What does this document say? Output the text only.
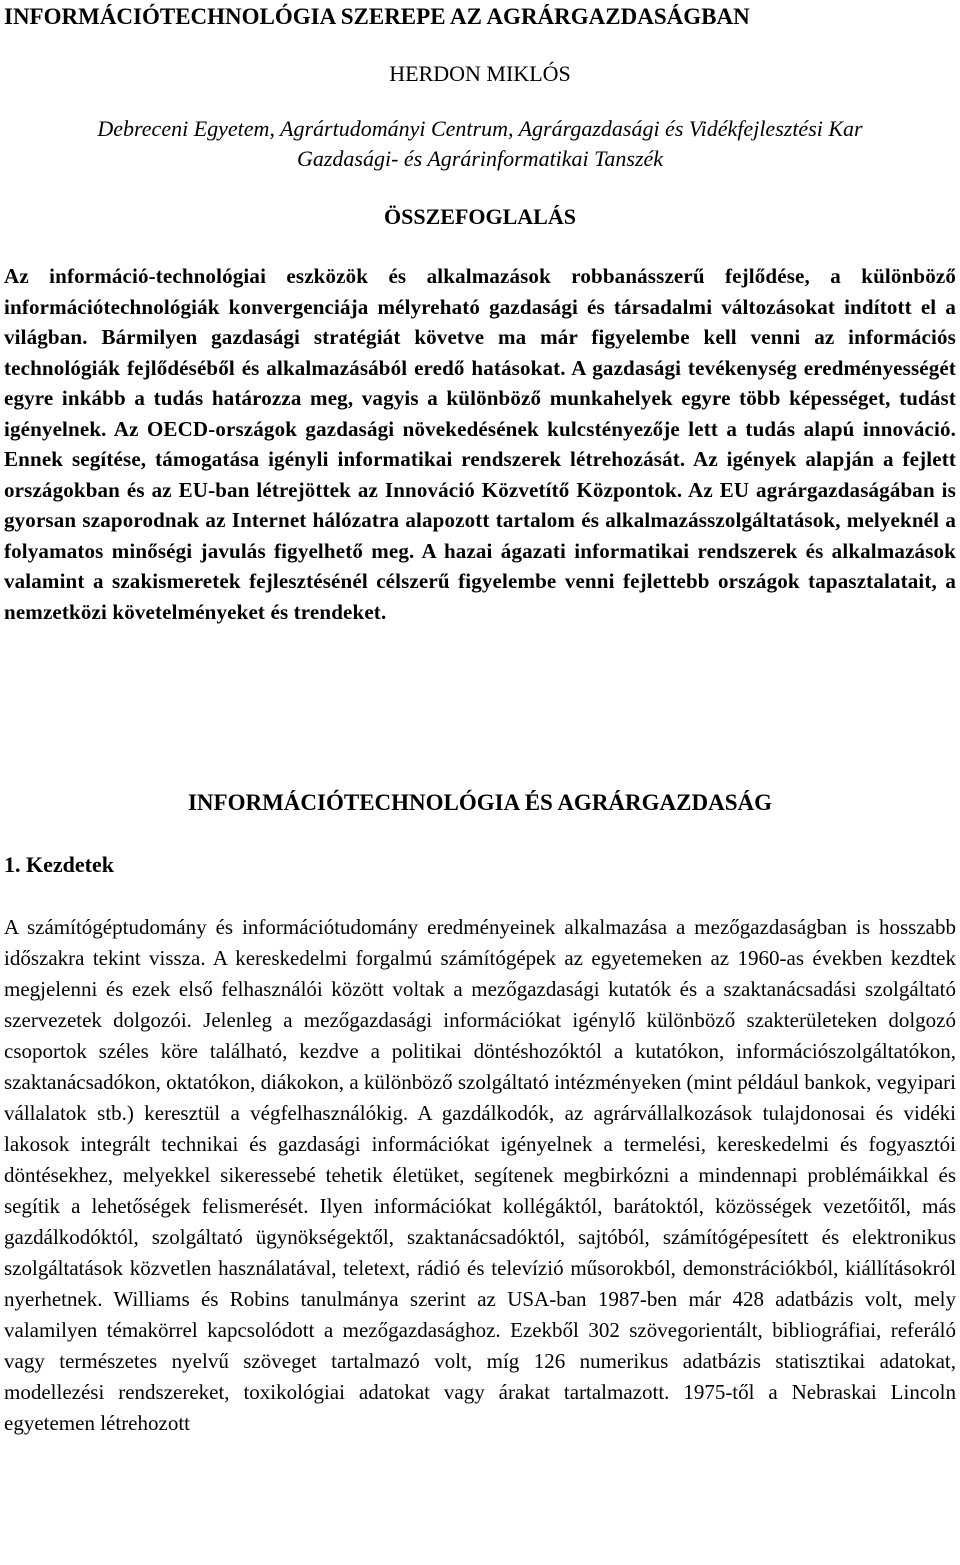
INFORMÁCIÓTECHNOLÓGIA SZEREPE AZ AGRÁRGAZDASÁGBAN

HERDON MIKLÓS

Debreceni Egyetem, Agrártudományi Centrum, Agrárgazdasági és Vidékfejlesztési Kar
Gazdasági- és Agrárinformatikai Tanszék

ÖSSZEFOGLALÁS

Az információ-technológiai eszközök és alkalmazások robbanásszerű fejlődése, a különböző információtechnológiák konvergenciája mélyreható gazdasági és társadalmi változásokat indított el a világban. Bármilyen gazdasági stratégiát követve ma már figyelembe kell venni az információs technológiák fejlődéséből és alkalmazásából eredő hatásokat. A gazdasági tevékenység eredményességét egyre inkább a tudás határozza meg, vagyis a különböző munkahelyek egyre több képességet, tudást igényelnek. Az OECD-országok gazdasági növekedésének kulcstényezője lett a tudás alapú innováció. Ennek segítése, támogatása igényli informatikai rendszerek létrehozását. Az igények alapján a fejlett országokban és az EU-ban létrejöttek az Innováció Közvetítő Központok. Az EU agrárgazdaságában is gyorsan szaporodnak az Internet hálózatra alapozott tartalom és alkalmazásszolgáltatások, melyeknél a folyamatos minőségi javulás figyelhető meg. A hazai ágazati informatikai rendszerek és alkalmazások valamint a szakismeretek fejlesztésénél célszerű figyelembe venni fejlettebb országok tapasztalatait, a nemzetközi követelményeket és trendeket.

INFORMÁCIÓTECHNOLÓGIA ÉS AGRÁRGAZDASÁG
1. Kezdetek

A számítógéptudomány és információtudomány eredményeinek alkalmazása a mezőgazdaságban is hosszabb időszakra tekint vissza. A kereskedelmi forgalmú számítógépek az egyetemeken az 1960-as években kezdtek megjelenni és ezek első felhasználói között voltak a mezőgazdasági kutatók és a szaktanácsadási szolgáltató szervezetek dolgozói. Jelenleg a mezőgazdasági információkat igénylő különböző szakterületeken dolgozó csoportok széles köre található, kezdve a politikai döntéshozóktól a kutatókon, információszolgáltatókon, szaktanácsadókon, oktatókon, diákokon, a különböző szolgáltató intézményeken (mint például bankok, vegyipari vállalatok stb.) keresztül a végfelhasználókig. A gazdálkodók, az agrárvállalkozások tulajdonosai és vidéki lakosok integrált technikai és gazdasági információkat igényelnek a termelési, kereskedelmi és fogyasztói döntésekhez, melyekkel sikeressebé tehetik életüket, segítenek megbirkózni a mindennapi problémáikkal és segítik a lehetőségek felismerését. Ilyen információkat kollégáktól, barátoktól, közösségek vezetőitől, más gazdálkodóktól, szolgáltató ügynökségektől, szaktanácsadóktól, sajtóból, számítógépesített és elektronikus szolgáltatások közvetlen használatával, teletext, rádió és televízió műsorokból, demonstrációkból, kiállításokról nyerhetnek. Williams és Robins tanulmánya szerint az USA-ban 1987-ben már 428 adatbázis volt, mely valamilyen témakörrel kapcsolódott a mezőgazdasághoz. Ezekből 302 szövegorientált, bibliográfiai, referáló vagy természetes nyelvű szöveget tartalmazó volt, míg 126 numerikus adatbázis statisztikai adatokat, modellezési rendszereket, toxikológiai adatokat vagy árakat tartalmazott. 1975-től a Nebraskai Lincoln egyetemen létrehozott
